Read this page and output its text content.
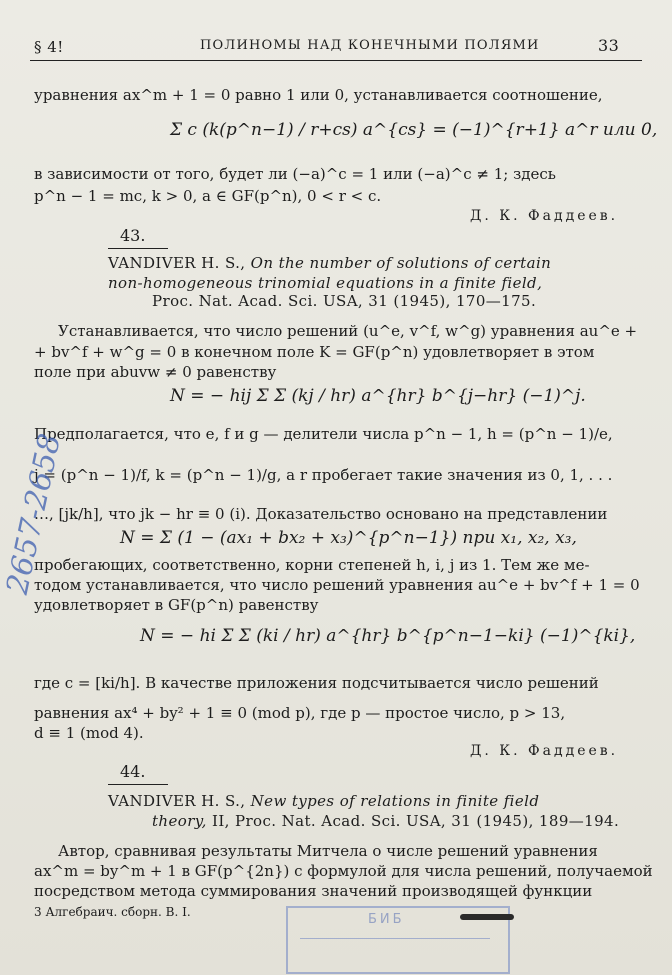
§ 4!	ПОЛИНОМЫ НАД КОНЕЧНЫМИ ПОЛЯМИ	33
уравнения ax^m + 1 = 0 равно 1 или 0, устанавливается соотношение,
Σ c (k(p^n−1) / r+cs) a^{cs} = (−1)^{r+1} a^r или 0,
в зависимости от того, будет ли (−a)^c = 1 или (−a)^c ≠ 1; здесь
p^n − 1 = mc, k > 0, a ∈ GF(p^n), 0 < r < c.
Д. К. Фаддеев.
43.
VANDIVER H. S., On the number of solutions of certain
non-homogeneous trinomial equations in a finite field,
Proc. Nat. Acad. Sci. USA, 31 (1945), 170—175.
Устанавливается, что число решений (u^e, v^f, w^g) уравнения au^e +
+ bv^f + w^g = 0 в конечном поле K = GF(p^n) удовлетворяет в этом
поле при abuvw ≠ 0 равенству
N = − hij Σ Σ (kj / hr) a^{hr} b^{j−hr} (−1)^j.
Предполагается, что e, f и g — делители числа p^n − 1, h = (p^n − 1)/e,
j = (p^n − 1)/f, k = (p^n − 1)/g, а r пробегает такие значения из 0, 1, . . .
…, [jk/h], что jk − hr ≡ 0 (i). Доказательство основано на представлении
N = Σ (1 − (ax₁ + bx₂ + x₃)^{p^n−1}) при x₁, x₂, x₃,
пробегающих, соответственно, корни степеней h, i, j из 1. Тем же ме-
тодом устанавливается, что число решений уравнения au^e + bv^f + 1 = 0
удовлетворяет в GF(p^n) равенству
N = − hi Σ Σ (ki / hr) a^{hr} b^{p^n−1−ki} (−1)^{ki},
где c = [ki/h]. В качестве приложения подсчитывается число решений
равнения ax⁴ + by² + 1 ≡ 0 (mod p), где p — простое число, p > 13,
d ≡ 1 (mod 4).
Д. К. Фаддеев.
44.
VANDIVER H. S., New types of relations in finite field
theory, II, Proc. Nat. Acad. Sci. USA, 31 (1945), 189—194.
Автор, сравнивая результаты Митчела о числе решений уравнения
ax^m = by^m + 1 в GF(p^{2n}) с формулой для числа решений, получаемой
посредством метода суммирования значений производящей функции
3 Алгебраич. сборн. В. I.	БИБ
2657-2658
